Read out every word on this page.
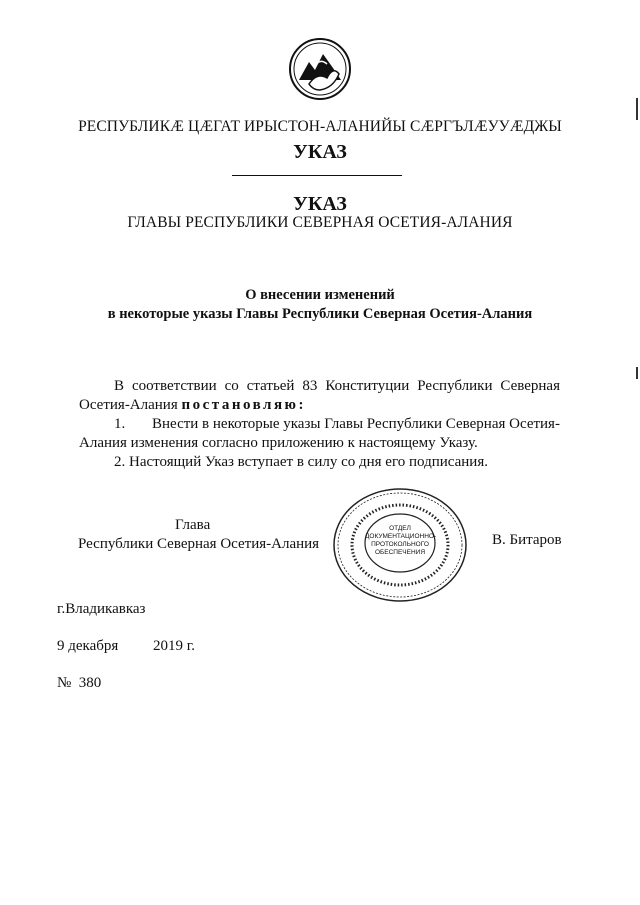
РЕСПУБЛИКӔ ЦӔГАТ ИРЫСТОН-АЛАНИЙЫ СӔРГЪЛӔУУӔДЖЫ
УКАЗ
УКАЗ
ГЛАВЫ РЕСПУБЛИКИ СЕВЕРНАЯ ОСЕТИЯ-АЛАНИЯ
О внесении изменений
в некоторые указы Главы Республики Северная Осетия-Алания
В соответствии со статьей 83 Конституции Республики Северная
Осетия-Алания постановляю:
1. Внести в некоторые указы Главы Республики Северная Осетия-
Алания изменения согласно приложению к настоящему Указу.
2. Настоящий Указ вступает в силу со дня его подписания.
Глава
Республики Северная Осетия-Алания	В. Битаров
ОТДЕЛ
ДОКУМЕНТАЦИОННО-
ПРОТОКОЛЬНОГО
ОБЕСПЕЧЕНИЯ
г.Владикавказ
9 декабря 2019 г.
№  380
